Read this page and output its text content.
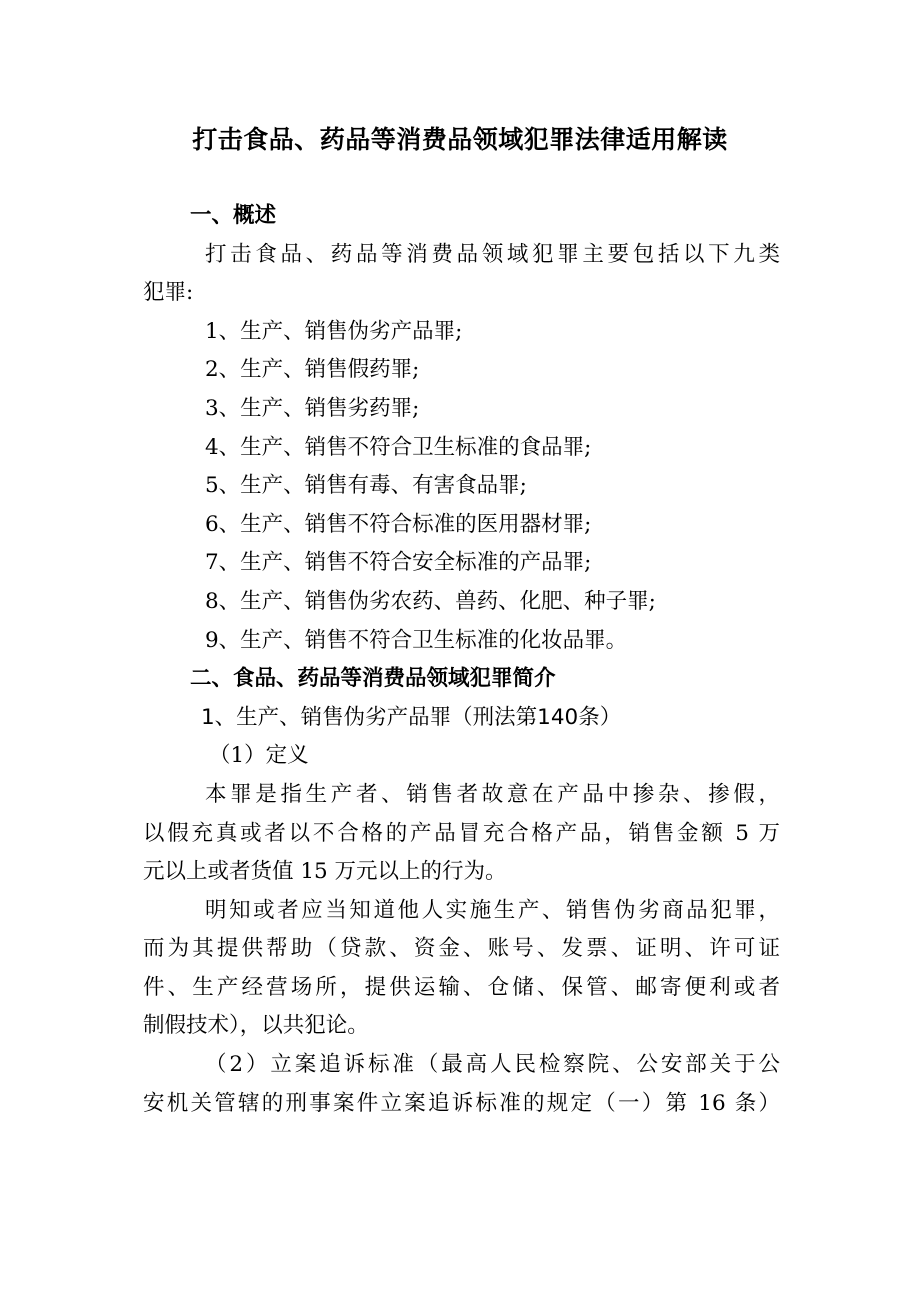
打击食品、药品等消费品领域犯罪法律适用解读
一、概述
打击食品、药品等消费品领域犯罪主要包括以下九类
犯罪:
1、生产、销售伪劣产品罪;
2、生产、销售假药罪;
3、生产、销售劣药罪;
4、生产、销售不符合卫生标准的食品罪;
5、生产、销售有毒、有害食品罪;
6、生产、销售不符合标准的医用器材罪;
7、生产、销售不符合安全标准的产品罪;
8、生产、销售伪劣农药、兽药、化肥、种子罪;
9、生产、销售不符合卫生标准的化妆品罪。
二、食品、药品等消费品领域犯罪简介
1、生产、销售伪劣产品罪（刑法第140条）
（1）定义
本罪是指生产者、销售者故意在产品中掺杂、掺假，
以假充真或者以不合格的产品冒充合格产品，销售金额 5 万
元以上或者货值 15 万元以上的行为。
明知或者应当知道他人实施生产、销售伪劣商品犯罪，
而为其提供帮助（贷款、资金、账号、发票、证明、许可证
件、生产经营场所，提供运输、仓储、保管、邮寄便利或者
制假技术），以共犯论。
（2）立案追诉标准（最高人民检察院、公安部关于公
安机关管辖的刑事案件立案追诉标准的规定（一）第 16 条）
